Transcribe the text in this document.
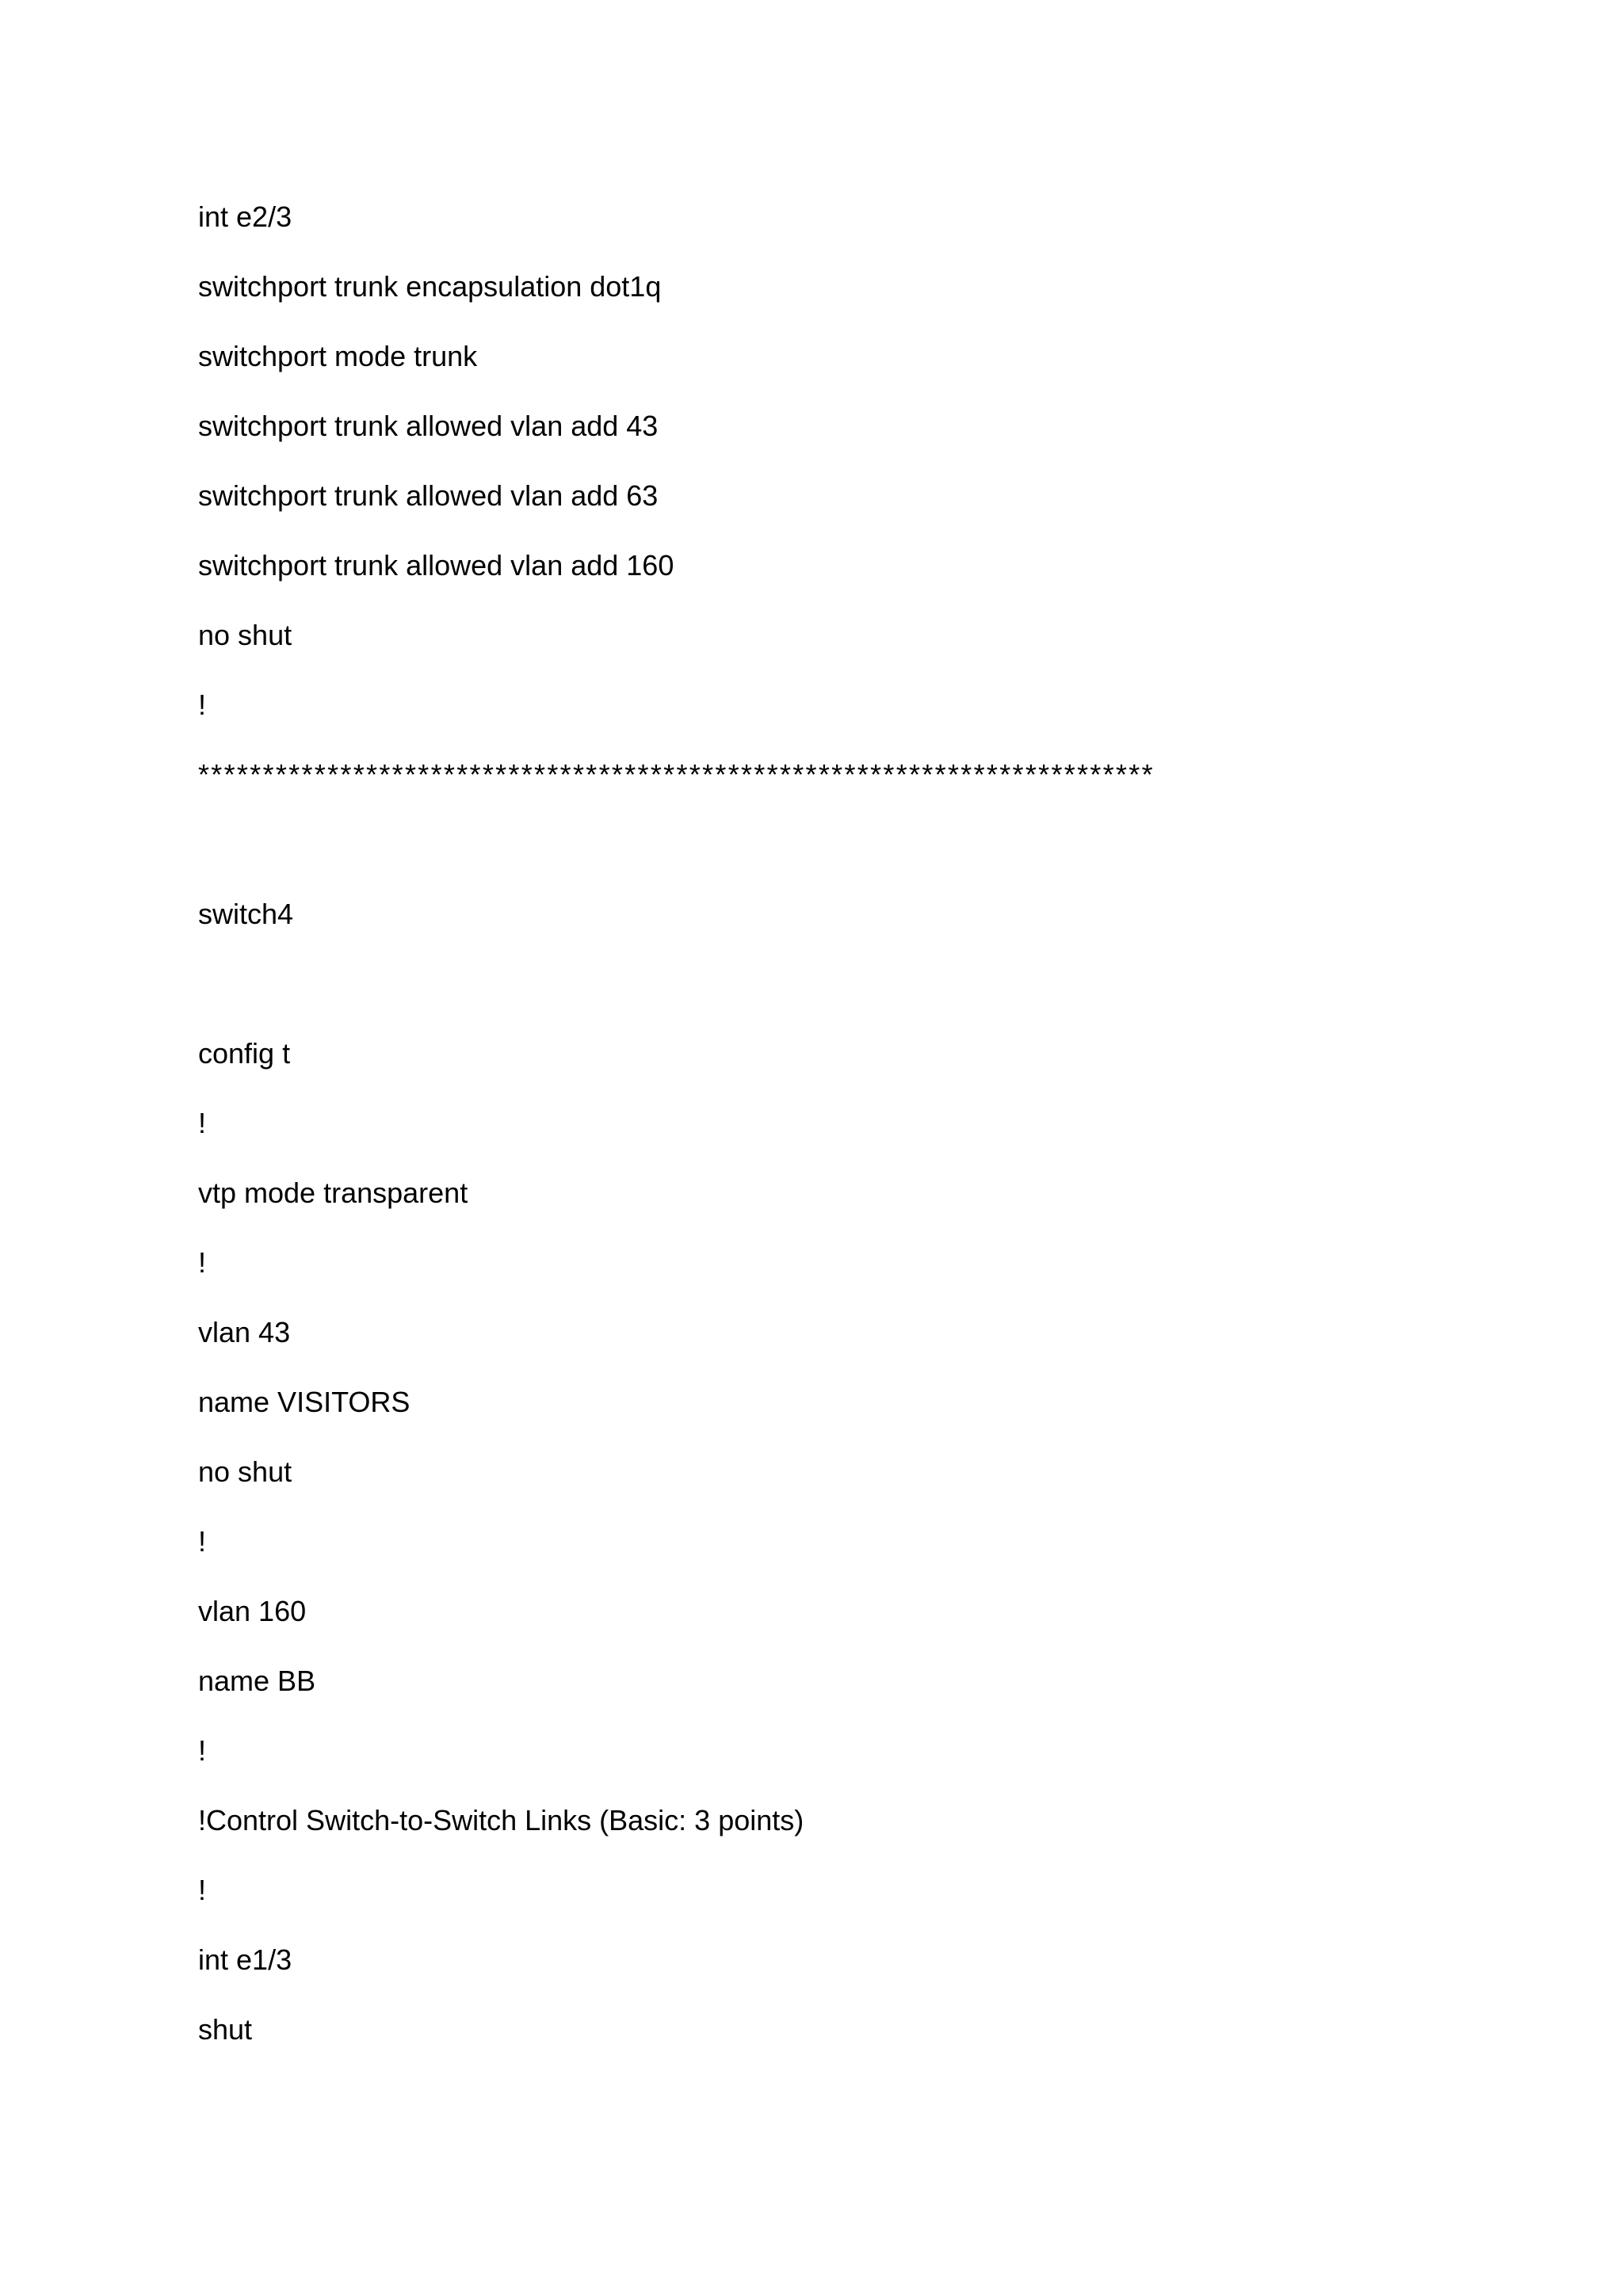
int e2/3
switchport trunk encapsulation dot1q
switchport mode trunk
switchport trunk allowed vlan add 43
switchport trunk allowed vlan add 63
switchport trunk allowed vlan add 160
no shut
!
**************************************************************************
switch4
config t
!
vtp mode transparent
!
vlan 43
name VISITORS
no shut
!
vlan 160
name BB
!
!Control Switch-to-Switch Links (Basic: 3 points)
!
int e1/3
shut
